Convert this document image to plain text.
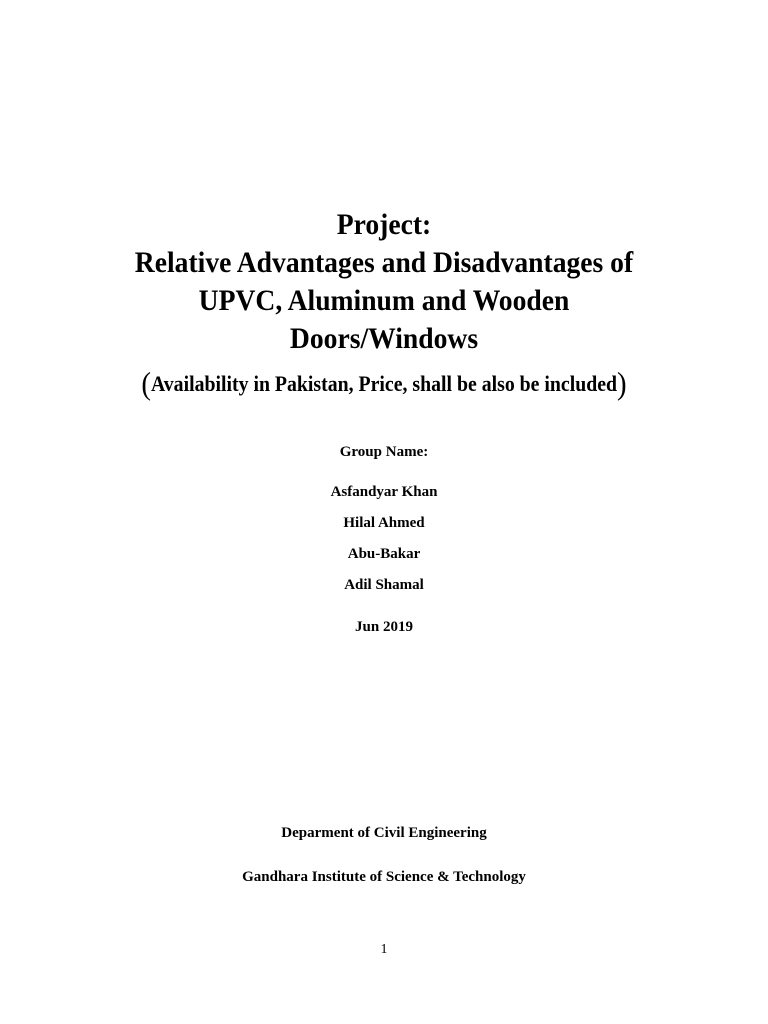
Project:
Relative Advantages and Disadvantages of
UPVC, Aluminum and Wooden
Doors/Windows
(Availability in Pakistan, Price, shall be also be included)
Group Name:
Asfandyar Khan
Hilal Ahmed
Abu-Bakar
Adil Shamal
Jun 2019
Deparment of Civil Engineering
Gandhara Institute of Science & Technology
1
